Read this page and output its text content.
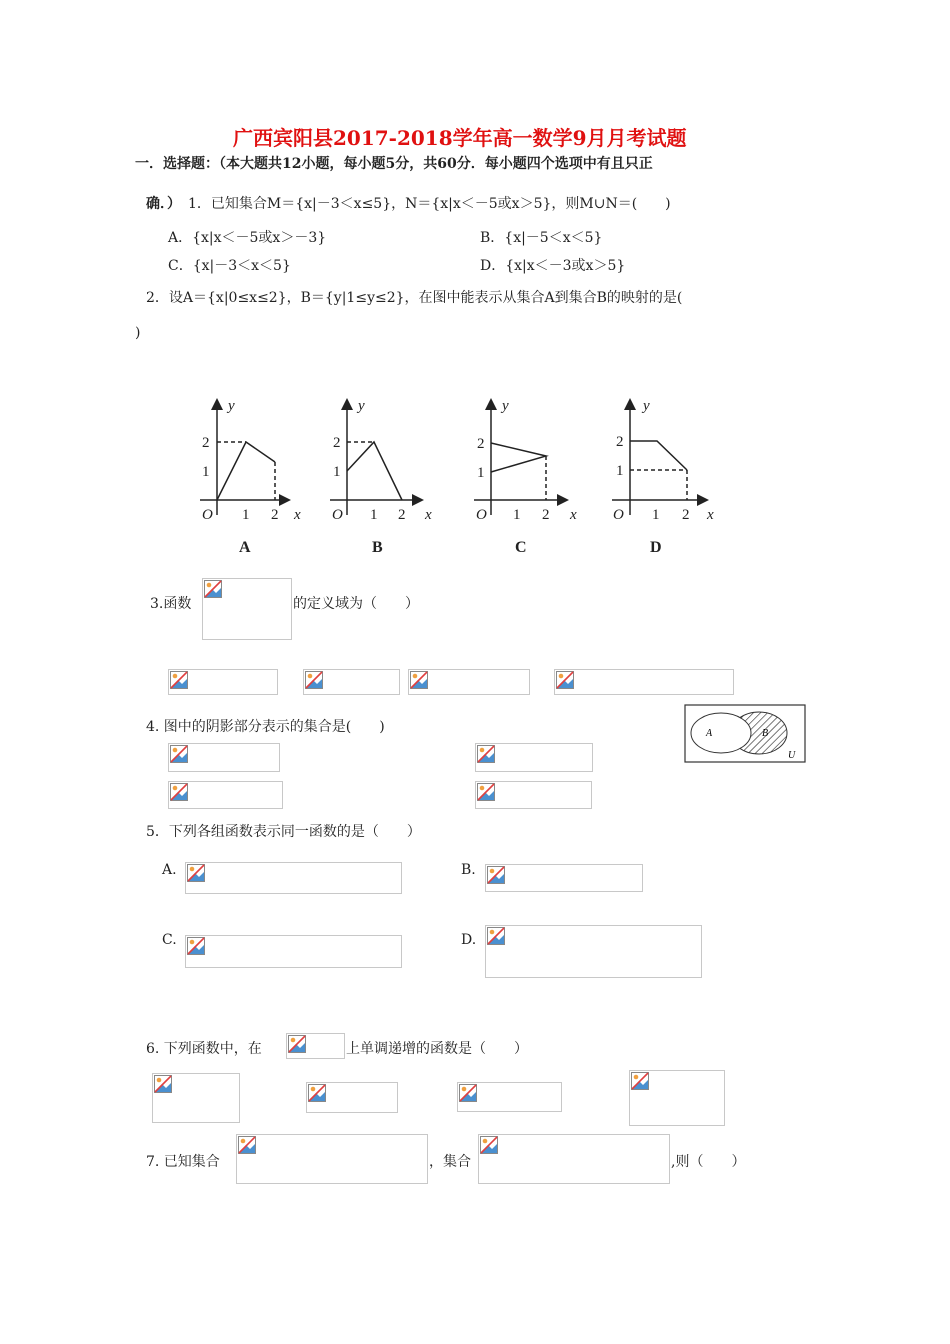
广西宾阳县2017-2018学年高一数学9月月考试题
一．选择题：（本大题共12小题，每小题5分，共60分．每小题四个选项中有且只正
确．） 1．已知集合M＝{x|－3＜x≤5}，N＝{x|x＜－5或x＞5}，则M∪N＝(　　)
A．{x|x＜－5或x＞－3}	B．{x|－5＜x＜5}
C．{x|－3＜x＜5}	D．{x|x＜－3或x＞5}
2．设A＝{x|0≤x≤2}，B＝{y|1≤y≤2}，在图中能表示从集合A到集合B的映射的是(
)
y
2
1
O 1 2 x
y
2
1
O 1 2 x
y
2
1
O 1 2 x
y
2
1
O 1 2 x
A	B	C	D
3.函数	的定义域为（　　）
4. 图中的阴影部分表示的集合是(　　)	A	B
U
5．下列各组函数表示同一函数的是（　　）
A.	B.
C.	D.
6. 下列函数中，在	上单调递增的函数是（　　）
7. 已知集合	，集合	,则（　　）
